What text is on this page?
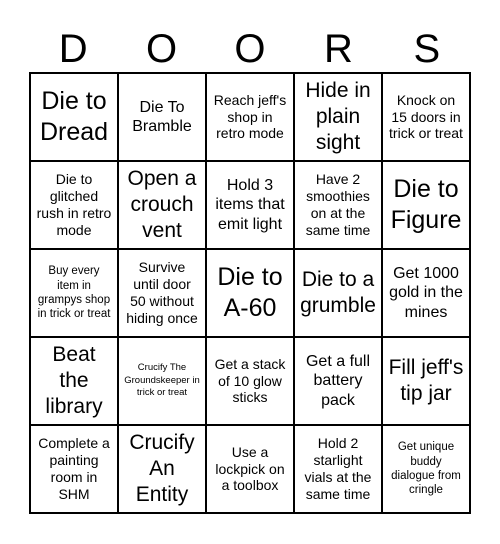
D	O	O	R	S
Die to Dread
Die To Bramble
Reach jeff's shop in retro mode
Hide in plain sight
Knock on 15 doors in trick or treat
Die to glitched rush in retro mode
Open a crouch vent
Hold 3 items that emit light
Have 2 smoothies on at the same time
Die to Figure
Buy every item in grampys shop in trick or treat
Survive until door 50 without hiding once
Die to A-60
Die to a grumble
Get 1000 gold in the mines
Beat the library
Crucify The Groundskeeper in trick or treat
Get a stack of 10 glow sticks
Get a full battery pack
Fill jeff's tip jar
Complete a painting room in SHM
Crucify An Entity
Use a lockpick on a toolbox
Hold 2 starlight vials at the same time
Get unique buddy dialogue from cringle
